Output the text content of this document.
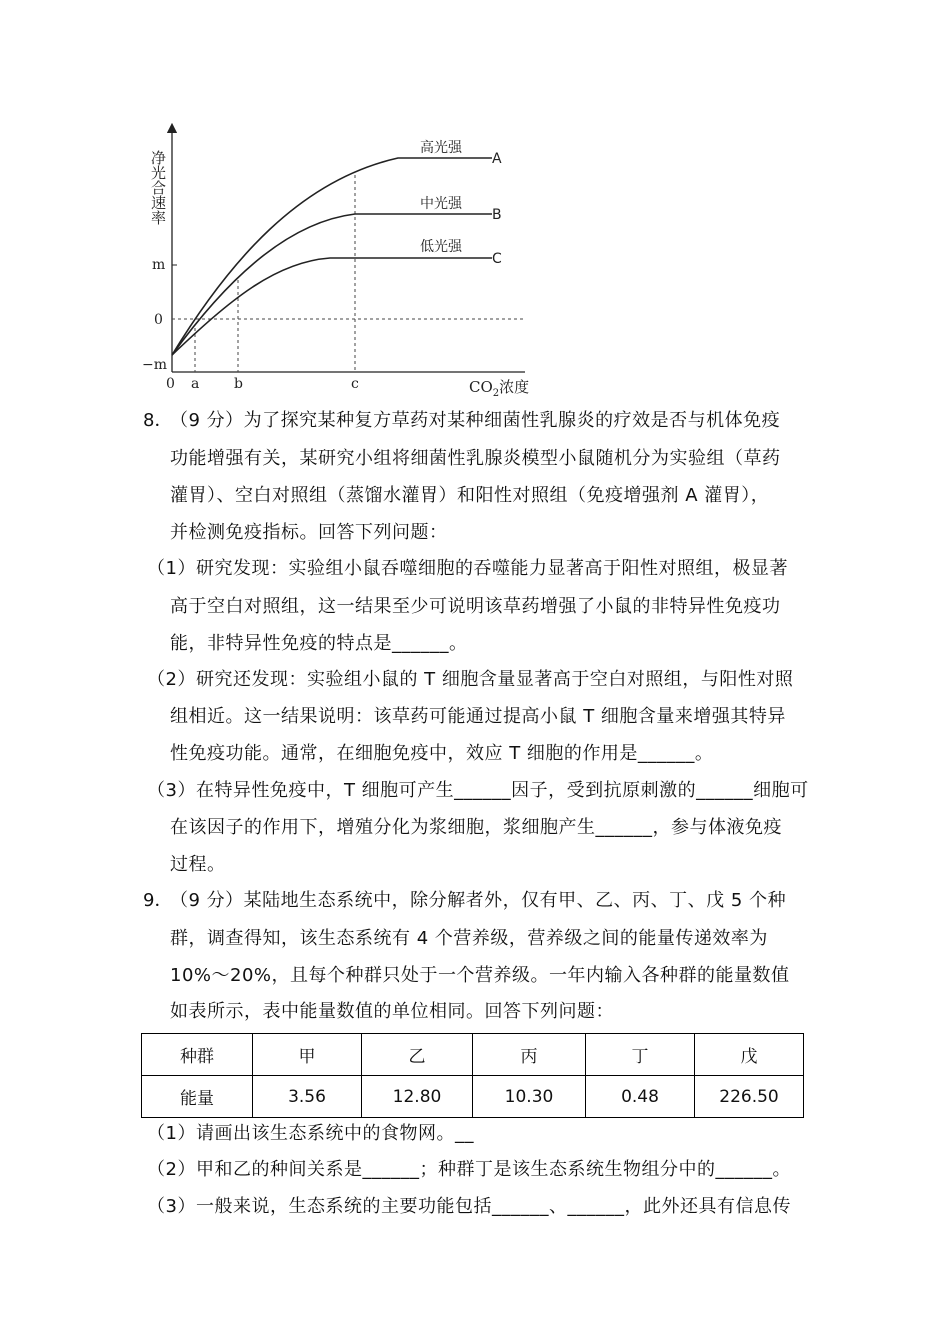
净光合速率
m
0
−m
0 a b	c	$CO_2$浓度
高光强
A
中光强
B
低光强
C
8．
（9 分）为了探究某种复方草药对某种细菌性乳腺炎的疗效是否与机体免疫
功能增强有关，某研究小组将细菌性乳腺炎模型小鼠随机分为实验组（草药
灌胃）、空白对照组（蒸馏水灌胃）和阳性对照组（免疫增强剂 A 灌胃），
并检测免疫指标。回答下列问题：
（1）研究发现：实验组小鼠吞噬细胞的吞噬能力显著高于阳性对照组，极显著
高于空白对照组，这一结果至少可说明该草药增强了小鼠的非特异性免疫功
能，非特异性免疫的特点是______。
（2）研究还发现：实验组小鼠的 T 细胞含量显著高于空白对照组，与阳性对照
组相近。这一结果说明：该草药可能通过提高小鼠 T 细胞含量来增强其特异
性免疫功能。通常，在细胞免疫中，效应 T 细胞的作用是______。
（3）在特异性免疫中，T 细胞可产生______因子，受到抗原刺激的______细胞可
在该因子的作用下，增殖分化为浆细胞，浆细胞产生______，参与体液免疫
过程。
9．
（9 分）某陆地生态系统中，除分解者外，仅有甲、乙、丙、丁、戊 5 个种
群，调查得知，该生态系统有 4 个营养级，营养级之间的能量传递效率为
10%～20%，且每个种群只处于一个营养级。一年内输入各种群的能量数值
如表所示，表中能量数值的单位相同。回答下列问题：
种群	甲	乙	丙	丁	戊
能量	3.56	12.80	10.30	0.48	226.50
（1）请画出该生态系统中的食物网。__
（2）甲和乙的种间关系是______；种群丁是该生态系统生物组分中的______。
（3）一般来说，生态系统的主要功能包括______、______，此外还具有信息传
